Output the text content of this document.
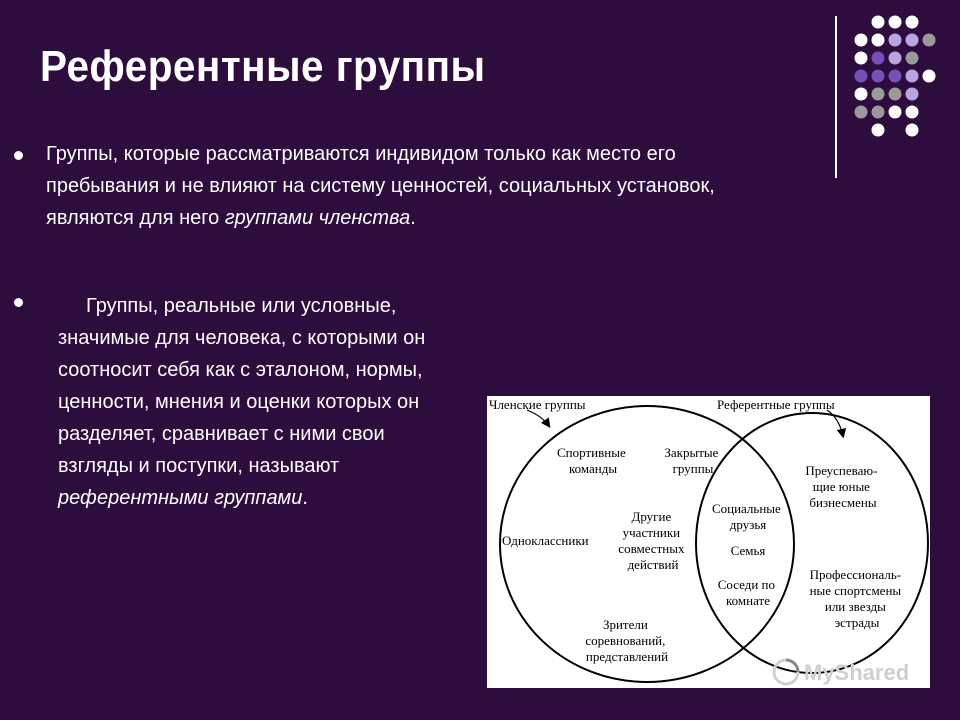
Референтные группы

Группы, которые рассматриваются индивидом только как место его
пребывания и не влияют на систему ценностей, социальных установок,
являются для него группами членства.

Группы, реальные или условные,
значимые для человека, с которыми он
соотносит себя как с эталоном, нормы,
ценности, мнения и оценки которых он
разделяет, сравнивает с ними свои
взгляды и поступки, называют
референтными группами.

Членские группы	Референтные группы
Спортивные команды
Закрытые группы
Одноклассники
Другие участники совместных действий
Зрители соревнований, представлений
Социальные друзья
Семья
Соседи по комнате
Преуспеваю- щие юные бизнесмены
Профессиональ- ные спортсмены или звезды эстрады
MyShared
